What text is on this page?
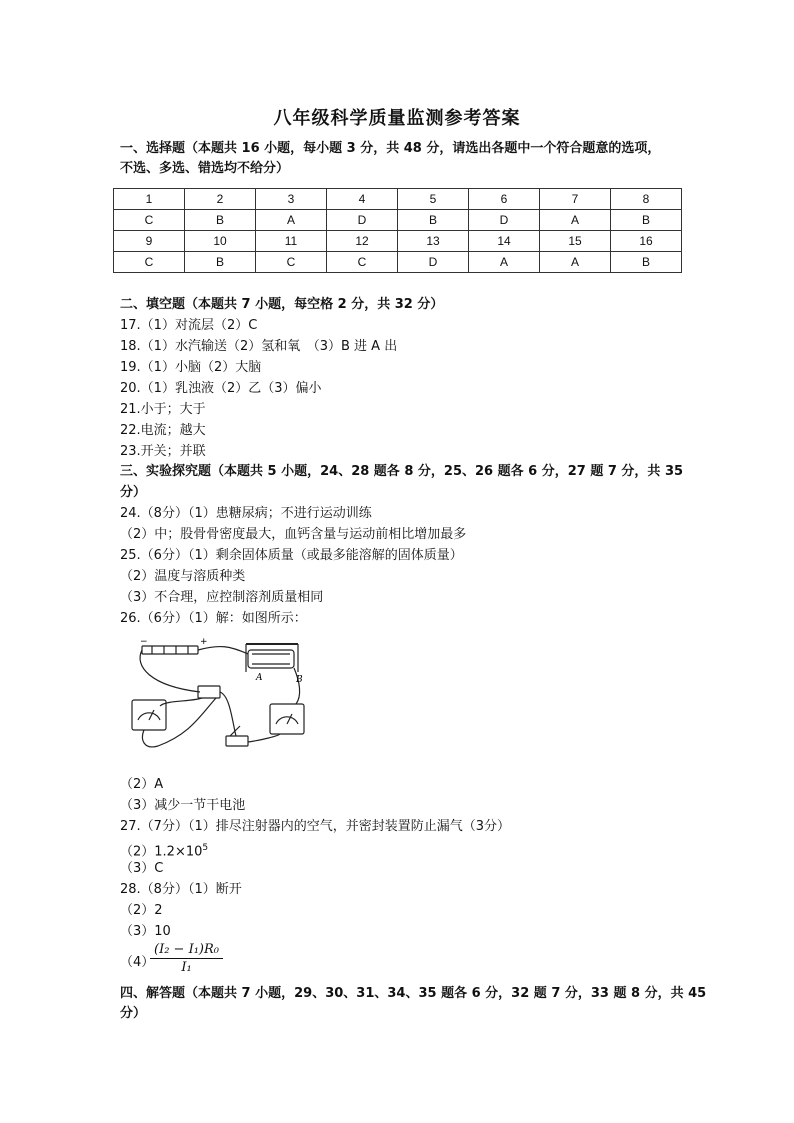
八年级科学质量监测参考答案
一、选择题（本题共 16 小题，每小题 3 分，共 48 分，请选出各题中一个符合题意的选项，
不选、多选、错选均不给分）
1	2	3	4	5	6	7	8
C	B	A	D	B	D	A	B
9	10	11	12	13	14	15	16
C	B	C	C	D	A	A	B
二、填空题（本题共 7 小题，每空格 2 分，共 32 分）
17.（1）对流层（2）C
18.（1）水汽输送（2）氢和氧　（3）B 进 A 出
19.（1）小脑（2）大脑
20.（1）乳浊液（2）乙（3）偏小
21.小于；大于
22.电流；越大
23.开关；并联
三、实验探究题（本题共 5 小题，24、28 题各 8 分，25、26 题各 6 分，27 题 7 分，共 35
分）
24.（8分）（1）患糖尿病；不进行运动训练
（2）中；股骨骨密度最大，血钙含量与运动前相比增加最多
25.（6分）（1）剩余固体质量（或最多能溶解的固体质量）
（2）温度与溶质种类
（3）不合理，应控制溶剂质量相同
26.（6分）（1）解：如图所示：
−	+
A	B
（2）A
（3）减少一节干电池
27.（7分）（1）排尽注射器内的空气，并密封装置防止漏气（3分）
$(2)1.2\times 10^5$
（3）C
28.（8分）（1）断开
（2）2
（3）10
（4）
$\frac{\text{(I₂ − I₁)R₀}}{\text{I₁}}$
四、解答题（本题共 7 小题，29、30、31、34、35 题各 6 分，32 题 7 分，33 题 8 分，共 45
分）
